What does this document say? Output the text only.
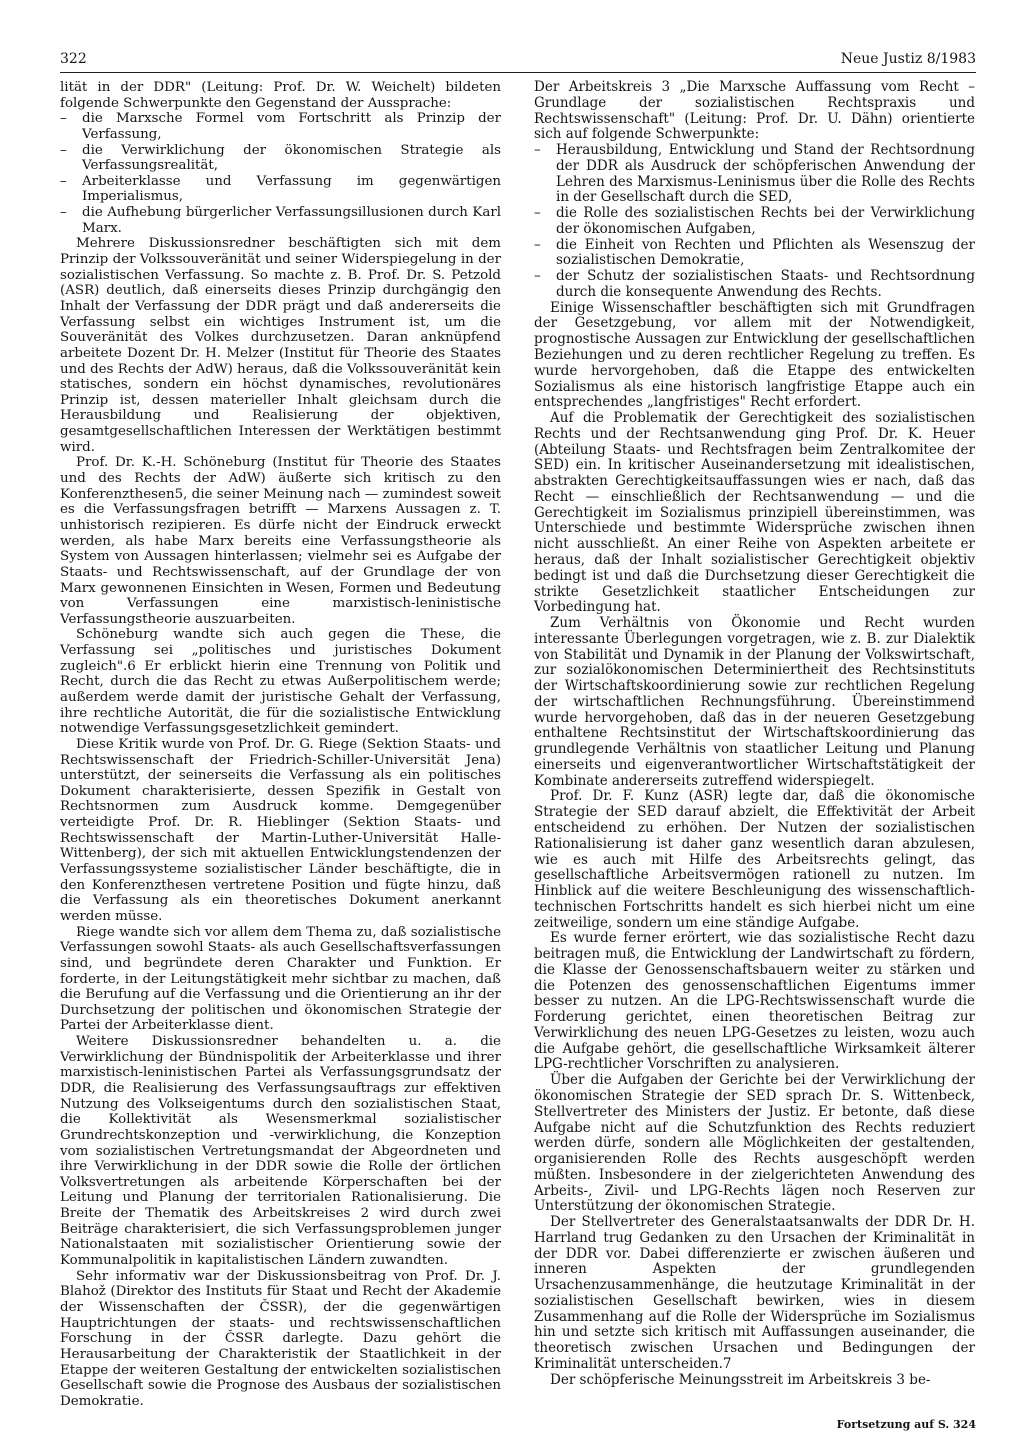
322	Neue Justiz 8/1983

lität in der DDR" (Leitung: Prof. Dr. W. Weichelt) bildeten folgende Schwerpunkte den Gegenstand der Aussprache:

– die Marxsche Formel vom Fortschritt als Prinzip der Verfassung,
– die Verwirklichung der ökonomischen Strategie als Verfassungsrealität,
– Arbeiterklasse und Verfassung im gegenwärtigen Imperialismus,
– die Aufhebung bürgerlicher Verfassungsillusionen durch Karl Marx.

Mehrere Diskussionsredner beschäftigten sich mit dem Prinzip der Volkssouveränität und seiner Widerspiegelung in der sozialistischen Verfassung. So machte z. B. Prof. Dr. S. Petzold (ASR) deutlich, daß einerseits dieses Prinzip durchgängig den Inhalt der Verfassung der DDR prägt und daß andererseits die Verfassung selbst ein wichtiges Instrument ist, um die Souveränität des Volkes durchzusetzen. Daran anknüpfend arbeitete Dozent Dr. H. Melzer (Institut für Theorie des Staates und des Rechts der AdW) heraus, daß die Volkssouveränität kein statisches, sondern ein höchst dynamisches, revolutionäres Prinzip ist, dessen materieller Inhalt gleichsam durch die Herausbildung und Realisierung der objektiven, gesamtgesellschaftlichen Interessen der Werktätigen bestimmt wird.

Prof. Dr. K.-H. Schöneburg (Institut für Theorie des Staates und des Rechts der AdW) äußerte sich kritisch zu den Konferenzthesen5, die seiner Meinung nach — zumindest soweit es die Verfassungsfragen betrifft — Marxens Aussagen z. T. unhistorisch rezipieren. Es dürfe nicht der Eindruck erweckt werden, als habe Marx bereits eine Verfassungstheorie als System von Aussagen hinterlassen; vielmehr sei es Aufgabe der Staats- und Rechtswissenschaft, auf der Grundlage der von Marx gewonnenen Einsichten in Wesen, Formen und Bedeutung von Verfassungen eine marxistisch-leninistische Verfassungstheorie auszuarbeiten.

Schöneburg wandte sich auch gegen die These, die Verfassung sei „politisches und juristisches Dokument zugleich".6 Er erblickt hierin eine Trennung von Politik und Recht, durch die das Recht zu etwas Außerpolitischem werde; außerdem werde damit der juristische Gehalt der Verfassung, ihre rechtliche Autorität, die für die sozialistische Entwicklung notwendige Verfassungsgesetzlichkeit gemindert.

Diese Kritik wurde von Prof. Dr. G. Riege (Sektion Staats- und Rechtswissenschaft der Friedrich-Schiller-Universität Jena) unterstützt, der seinerseits die Verfassung als ein politisches Dokument charakterisierte, dessen Spezifik in Gestalt von Rechtsnormen zum Ausdruck komme. Demgegenüber verteidigte Prof. Dr. R. Hieblinger (Sektion Staats- und Rechtswissenschaft der Martin-Luther-Universität Halle-Wittenberg), der sich mit aktuellen Entwicklungstendenzen der Verfassungssysteme sozialistischer Länder beschäftigte, die in den Konferenzthesen vertretene Position und fügte hinzu, daß die Verfassung als ein theoretisches Dokument anerkannt werden müsse.

Riege wandte sich vor allem dem Thema zu, daß sozialistische Verfassungen sowohl Staats- als auch Gesellschaftsverfassungen sind, und begründete deren Charakter und Funktion. Er forderte, in der Leitungstätigkeit mehr sichtbar zu machen, daß die Berufung auf die Verfassung und die Orientierung an ihr der Durchsetzung der politischen und ökonomischen Strategie der Partei der Arbeiterklasse dient.

Weitere Diskussionsredner behandelten u. a. die Verwirklichung der Bündnispolitik der Arbeiterklasse und ihrer marxistisch-leninistischen Partei als Verfassungsgrundsatz der DDR, die Realisierung des Verfassungsauftrags zur effektiven Nutzung des Volkseigentums durch den sozialistischen Staat, die Kollektivität als Wesensmerkmal sozialistischer Grundrechtskonzeption und -verwirklichung, die Konzeption vom sozialistischen Vertretungsmandat der Abgeordneten und ihre Verwirklichung in der DDR sowie die Rolle der örtlichen Volksvertretungen als arbeitende Körperschaften bei der Leitung und Planung der territorialen Rationalisierung. Die Breite der Thematik des Arbeitskreises 2 wird durch zwei Beiträge charakterisiert, die sich Verfassungsproblemen junger Nationalstaaten mit sozialistischer Orientierung sowie der Kommunalpolitik in kapitalistischen Ländern zuwandten.

Sehr informativ war der Diskussionsbeitrag von Prof. Dr. J. Blahož (Direktor des Instituts für Staat und Recht der Akademie der Wissenschaften der ČSSR), der die gegenwärtigen Hauptrichtungen der staats- und rechtswissenschaftlichen Forschung in der ČSSR darlegte. Dazu gehört die Herausarbeitung der Charakteristik der Staatlichkeit in der Etappe der weiteren Gestaltung der entwickelten sozialistischen Gesellschaft sowie die Prognose des Ausbaus der sozialistischen Demokratie.

Der Arbeitskreis 3 „Die Marxsche Auffassung vom Recht – Grundlage der sozialistischen Rechtspraxis und Rechtswissenschaft" (Leitung: Prof. Dr. U. Dähn) orientierte sich auf folgende Schwerpunkte:

– Herausbildung, Entwicklung und Stand der Rechtsordnung der DDR als Ausdruck der schöpferischen Anwendung der Lehren des Marxismus-Leninismus über die Rolle des Rechts in der Gesellschaft durch die SED,
– die Rolle des sozialistischen Rechts bei der Verwirklichung der ökonomischen Aufgaben,
– die Einheit von Rechten und Pflichten als Wesenszug der sozialistischen Demokratie,
– der Schutz der sozialistischen Staats- und Rechtsordnung durch die konsequente Anwendung des Rechts.

Einige Wissenschaftler beschäftigten sich mit Grundfragen der Gesetzgebung, vor allem mit der Notwendigkeit, prognostische Aussagen zur Entwicklung der gesellschaftlichen Beziehungen und zu deren rechtlicher Regelung zu treffen. Es wurde hervorgehoben, daß die Etappe des entwickelten Sozialismus als eine historisch langfristige Etappe auch ein entsprechendes „langfristiges" Recht erfordert.

Auf die Problematik der Gerechtigkeit des sozialistischen Rechts und der Rechtsanwendung ging Prof. Dr. K. Heuer (Abteilung Staats- und Rechtsfragen beim Zentralkomitee der SED) ein. In kritischer Auseinandersetzung mit idealistischen, abstrakten Gerechtigkeitsauffassungen wies er nach, daß das Recht — einschließlich der Rechtsanwendung — und die Gerechtigkeit im Sozialismus prinzipiell übereinstimmen, was Unterschiede und bestimmte Widersprüche zwischen ihnen nicht ausschließt. An einer Reihe von Aspekten arbeitete er heraus, daß der Inhalt sozialistischer Gerechtigkeit objektiv bedingt ist und daß die Durchsetzung dieser Gerechtigkeit die strikte Gesetzlichkeit staatlicher Entscheidungen zur Vorbedingung hat.

Zum Verhältnis von Ökonomie und Recht wurden interessante Überlegungen vorgetragen, wie z. B. zur Dialektik von Stabilität und Dynamik in der Planung der Volkswirtschaft, zur sozialökonomischen Determiniertheit des Rechtsinstituts der Wirtschaftskoordinierung sowie zur rechtlichen Regelung der wirtschaftlichen Rechnungsführung. Übereinstimmend wurde hervorgehoben, daß das in der neueren Gesetzgebung enthaltene Rechtsinstitut der Wirtschaftskoordinierung das grundlegende Verhältnis von staatlicher Leitung und Planung einerseits und eigenverantwortlicher Wirtschaftstätigkeit der Kombinate andererseits zutreffend widerspiegelt.

Prof. Dr. F. Kunz (ASR) legte dar, daß die ökonomische Strategie der SED darauf abzielt, die Effektivität der Arbeit entscheidend zu erhöhen. Der Nutzen der sozialistischen Rationalisierung ist daher ganz wesentlich daran abzulesen, wie es auch mit Hilfe des Arbeitsrechts gelingt, das gesellschaftliche Arbeitsvermögen rationell zu nutzen. Im Hinblick auf die weitere Beschleunigung des wissenschaftlich-technischen Fortschritts handelt es sich hierbei nicht um eine zeitweilige, sondern um eine ständige Aufgabe.

Es wurde ferner erörtert, wie das sozialistische Recht dazu beitragen muß, die Entwicklung der Landwirtschaft zu fördern, die Klasse der Genossenschaftsbauern weiter zu stärken und die Potenzen des genossenschaftlichen Eigentums immer besser zu nutzen. An die LPG-Rechtswissenschaft wurde die Forderung gerichtet, einen theoretischen Beitrag zur Verwirklichung des neuen LPG-Gesetzes zu leisten, wozu auch die Aufgabe gehört, die gesellschaftliche Wirksamkeit älterer LPG-rechtlicher Vorschriften zu analysieren.

Über die Aufgaben der Gerichte bei der Verwirklichung der ökonomischen Strategie der SED sprach Dr. S. Wittenbeck, Stellvertreter des Ministers der Justiz. Er betonte, daß diese Aufgabe nicht auf die Schutzfunktion des Rechts reduziert werden dürfe, sondern alle Möglichkeiten der gestaltenden, organisierenden Rolle des Rechts ausgeschöpft werden müßten. Insbesondere in der zielgerichteten Anwendung des Arbeits-, Zivil- und LPG-Rechts lägen noch Reserven zur Unterstützung der ökonomischen Strategie.

Der Stellvertreter des Generalstaatsanwalts der DDR Dr. H. Harrland trug Gedanken zu den Ursachen der Kriminalität in der DDR vor. Dabei differenzierte er zwischen äußeren und inneren Aspekten der grundlegenden Ursachenzusammenhänge, die heutzutage Kriminalität in der sozialistischen Gesellschaft bewirken, wies in diesem Zusammenhang auf die Rolle der Widersprüche im Sozialismus hin und setzte sich kritisch mit Auffassungen auseinander, die theoretisch zwischen Ursachen und Bedingungen der Kriminalität unterscheiden.7

Der schöpferische Meinungsstreit im Arbeitskreis 3 be-

Fortsetzung auf S. 324
